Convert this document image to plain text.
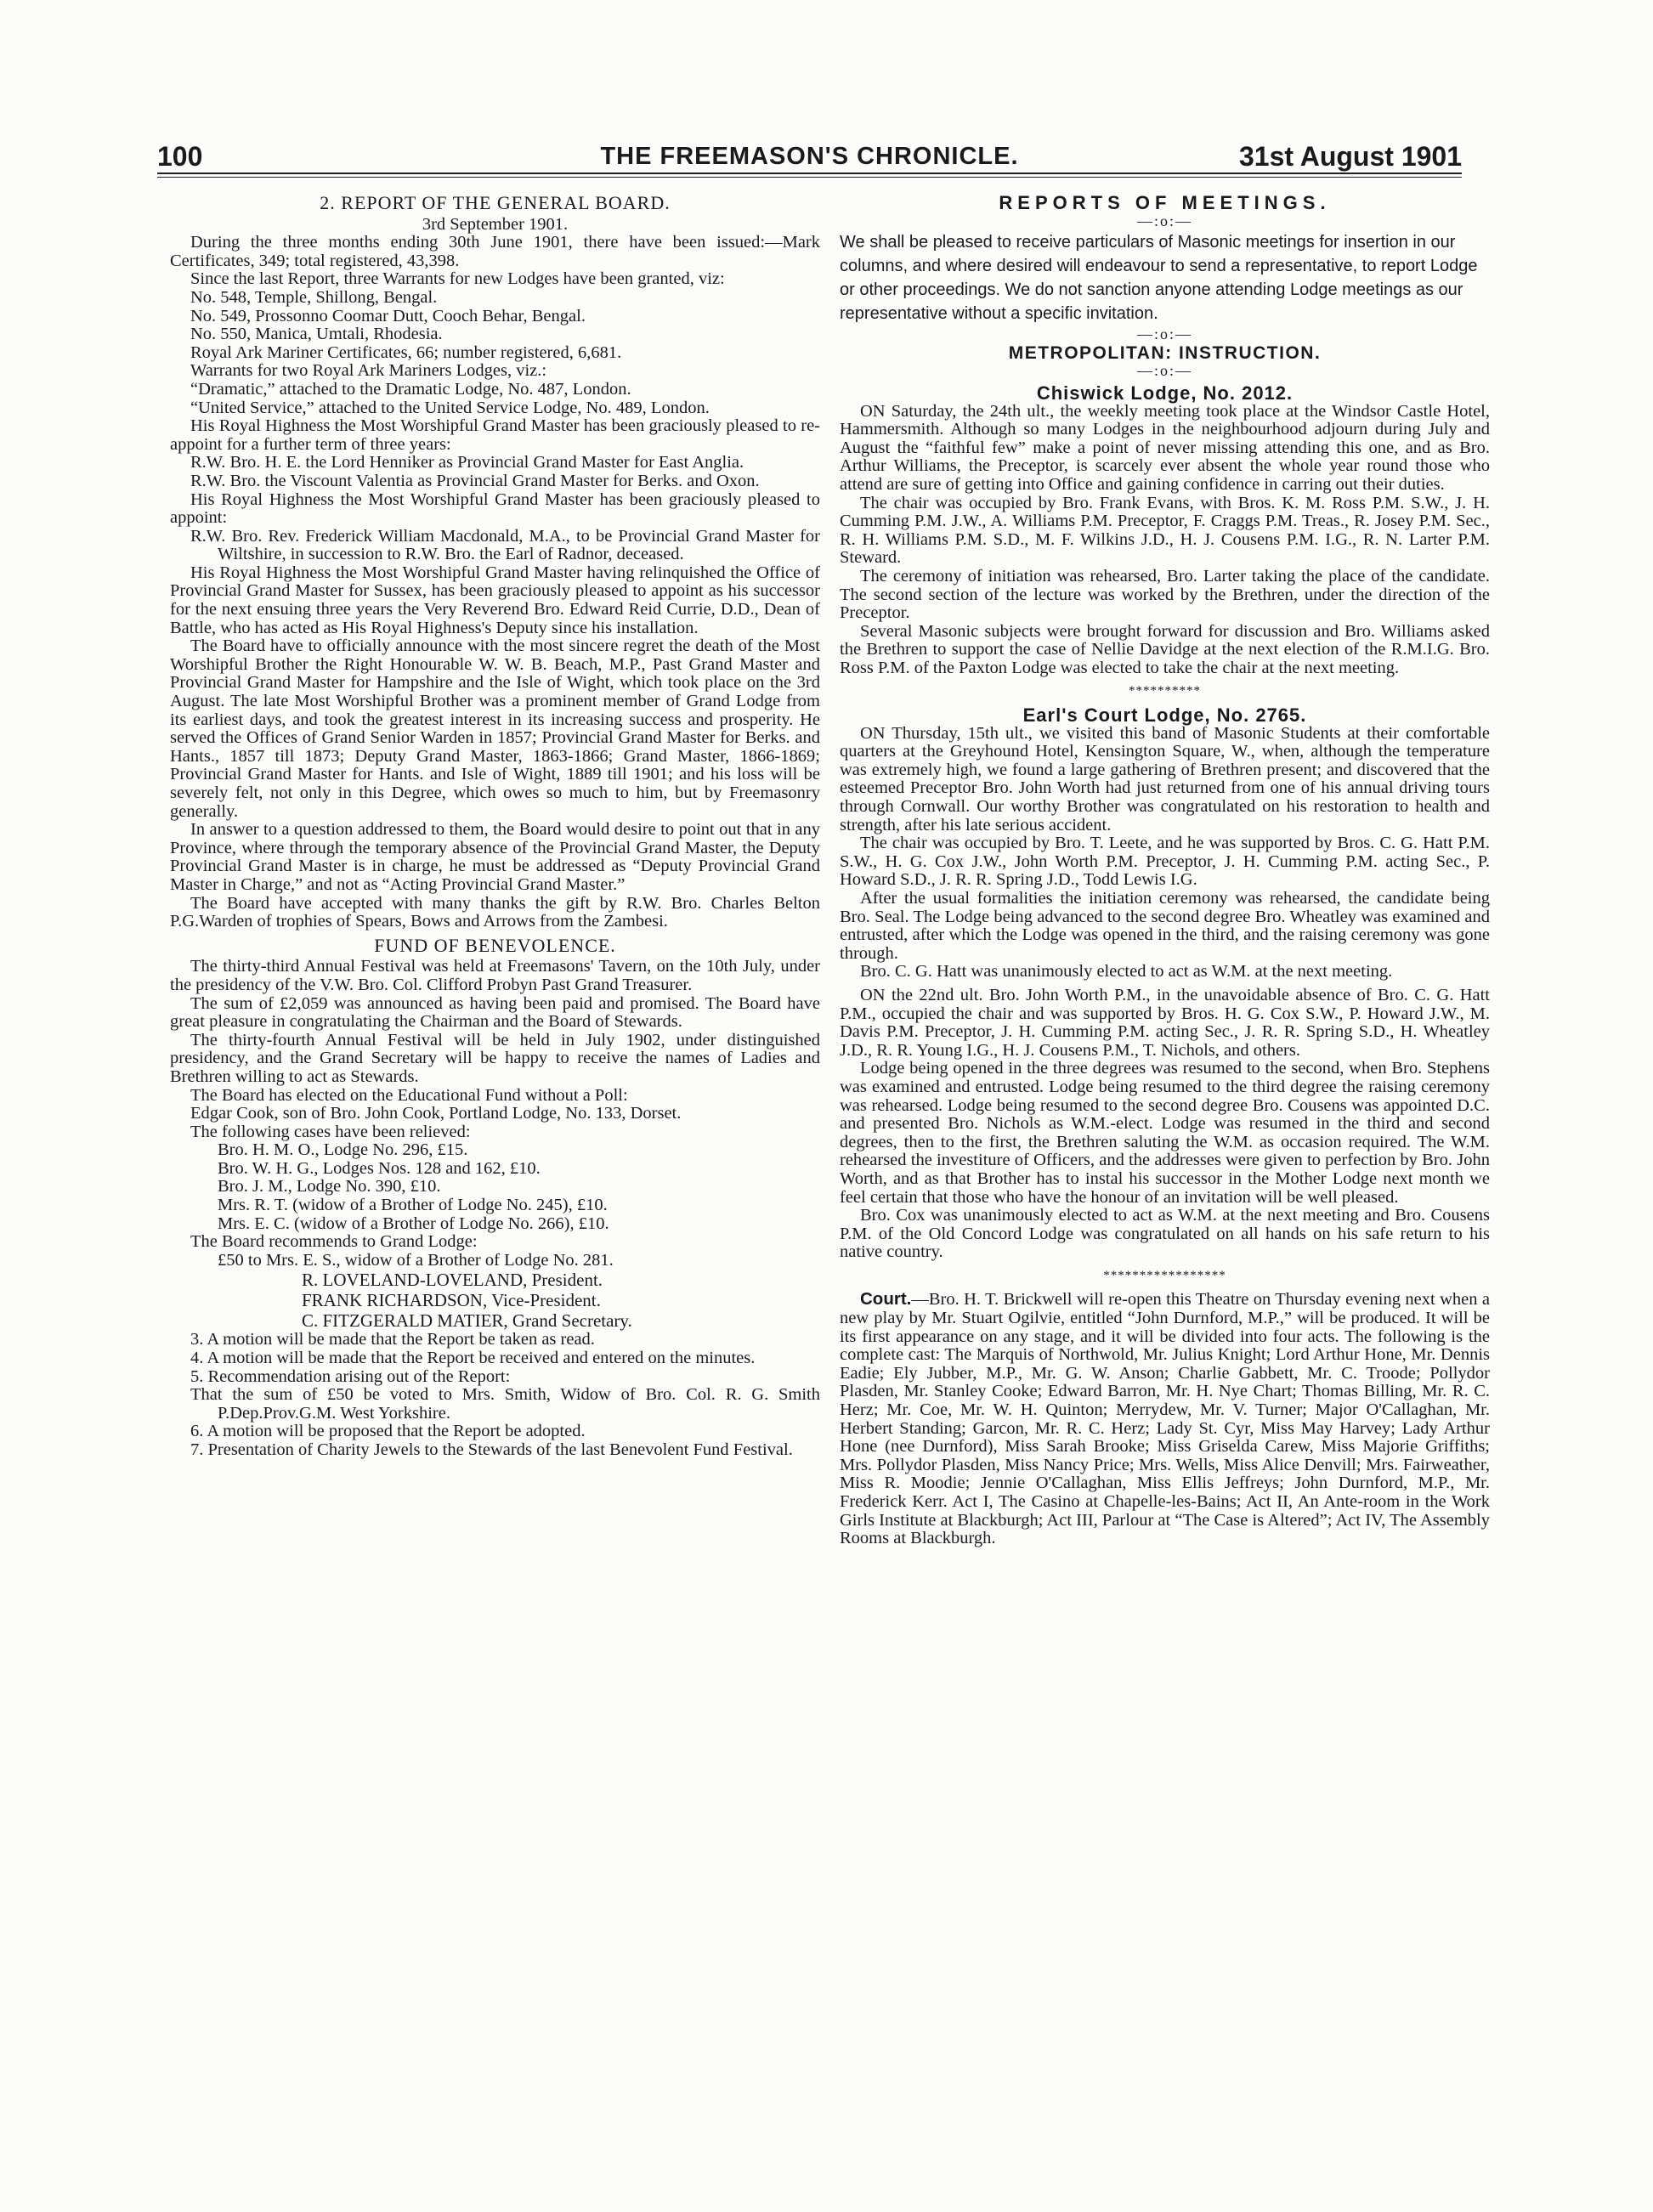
100	THE FREEMASON'S CHRONICLE.	31st August 1901

2. REPORT OF THE GENERAL BOARD.

3rd September 1901.

During the three months ending 30th June 1901, there have been issued:—Mark Certificates, 349; total registered, 43,398.

Since the last Report, three Warrants for new Lodges have been granted, viz:

No. 548, Temple, Shillong, Bengal.

No. 549, Prossonno Coomar Dutt, Cooch Behar, Bengal.

No. 550, Manica, Umtali, Rhodesia.

Royal Ark Mariner Certificates, 66; number registered, 6,681.

Warrants for two Royal Ark Mariners Lodges, viz.:

“Dramatic,” attached to the Dramatic Lodge, No. 487, London.

“United Service,” attached to the United Service Lodge, No. 489, London.

His Royal Highness the Most Worshipful Grand Master has been graciously pleased to re-appoint for a further term of three years:

R.W. Bro. H. E. the Lord Henniker as Provincial Grand Master for East Anglia.

R.W. Bro. the Viscount Valentia as Provincial Grand Master for Berks. and Oxon.

His Royal Highness the Most Worshipful Grand Master has been graciously pleased to appoint:

R.W. Bro. Rev. Frederick William Macdonald, M.A., to be Provincial Grand Master for Wiltshire, in succession to R.W. Bro. the Earl of Radnor, deceased.

His Royal Highness the Most Worshipful Grand Master having relinquished the Office of Provincial Grand Master for Sussex, has been graciously pleased to appoint as his successor for the next ensuing three years the Very Reverend Bro. Edward Reid Currie, D.D., Dean of Battle, who has acted as His Royal Highness's Deputy since his installation.

The Board have to officially announce with the most sincere regret the death of the Most Worshipful Brother the Right Honourable W. W. B. Beach, M.P., Past Grand Master and Provincial Grand Master for Hampshire and the Isle of Wight, which took place on the 3rd August. The late Most Worshipful Brother was a prominent member of Grand Lodge from its earliest days, and took the greatest interest in its increasing success and prosperity. He served the Offices of Grand Senior Warden in 1857; Provincial Grand Master for Berks. and Hants., 1857 till 1873; Deputy Grand Master, 1863-1866; Grand Master, 1866-1869; Provincial Grand Master for Hants. and Isle of Wight, 1889 till 1901; and his loss will be severely felt, not only in this Degree, which owes so much to him, but by Freemasonry generally.

In answer to a question addressed to them, the Board would desire to point out that in any Province, where through the temporary absence of the Provincial Grand Master, the Deputy Provincial Grand Master is in charge, he must be addressed as “Deputy Provincial Grand Master in Charge,” and not as “Acting Provincial Grand Master.”

The Board have accepted with many thanks the gift by R.W. Bro. Charles Belton P.G.Warden of trophies of Spears, Bows and Arrows from the Zambesi.

FUND OF BENEVOLENCE.

The thirty-third Annual Festival was held at Freemasons' Tavern, on the 10th July, under the presidency of the V.W. Bro. Col. Clifford Probyn Past Grand Treasurer.

The sum of £2,059 was announced as having been paid and promised. The Board have great pleasure in congratulating the Chairman and the Board of Stewards.

The thirty-fourth Annual Festival will be held in July 1902, under distinguished presidency, and the Grand Secretary will be happy to receive the names of Ladies and Brethren willing to act as Stewards.

The Board has elected on the Educational Fund without a Poll:

Edgar Cook, son of Bro. John Cook, Portland Lodge, No. 133, Dorset.

The following cases have been relieved:

Bro. H. M. O., Lodge No. 296, £15.

Bro. W. H. G., Lodges Nos. 128 and 162, £10.

Bro. J. M., Lodge No. 390, £10.

Mrs. R. T. (widow of a Brother of Lodge No. 245), £10.

Mrs. E. C. (widow of a Brother of Lodge No. 266), £10.

The Board recommends to Grand Lodge:

£50 to Mrs. E. S., widow of a Brother of Lodge No. 281.

R. LOVELAND-LOVELAND, President.

FRANK RICHARDSON, Vice-President.

C. FITZGERALD MATIER, Grand Secretary.

3. A motion will be made that the Report be taken as read.

4. A motion will be made that the Report be received and entered on the minutes.

5. Recommendation arising out of the Report:

That the sum of £50 be voted to Mrs. Smith, Widow of Bro. Col. R. G. Smith P.Dep.Prov.G.M. West Yorkshire.

6. A motion will be proposed that the Report be adopted.

7. Presentation of Charity Jewels to the Stewards of the last Benevolent Fund Festival.

REPORTS OF MEETINGS.

—:o:—

We shall be pleased to receive particulars of Masonic meetings for insertion in our columns, and where desired will endeavour to send a representative, to report Lodge or other proceedings. We do not sanction anyone attending Lodge meetings as our representative without a specific invitation.

—:o:—

METROPOLITAN: INSTRUCTION.

—:o:—

Chiswick Lodge, No. 2012.

ON Saturday, the 24th ult., the weekly meeting took place at the Windsor Castle Hotel, Hammersmith. Although so many Lodges in the neighbourhood adjourn during July and August the “faithful few” make a point of never missing attending this one, and as Bro. Arthur Williams, the Preceptor, is scarcely ever absent the whole year round those who attend are sure of getting into Office and gaining confidence in carring out their duties.

The chair was occupied by Bro. Frank Evans, with Bros. K. M. Ross P.M. S.W., J. H. Cumming P.M. J.W., A. Williams P.M. Preceptor, F. Craggs P.M. Treas., R. Josey P.M. Sec., R. H. Williams P.M. S.D., M. F. Wilkins J.D., H. J. Cousens P.M. I.G., R. N. Larter P.M. Steward.

The ceremony of initiation was rehearsed, Bro. Larter taking the place of the candidate. The second section of the lecture was worked by the Brethren, under the direction of the Preceptor.

Several Masonic subjects were brought forward for discussion and Bro. Williams asked the Brethren to support the case of Nellie Davidge at the next election of the R.M.I.G. Bro. Ross P.M. of the Paxton Lodge was elected to take the chair at the next meeting.

**********

Earl's Court Lodge, No. 2765.

ON Thursday, 15th ult., we visited this band of Masonic Students at their comfortable quarters at the Greyhound Hotel, Kensington Square, W., when, although the temperature was extremely high, we found a large gathering of Brethren present; and discovered that the esteemed Preceptor Bro. John Worth had just returned from one of his annual driving tours through Cornwall. Our worthy Brother was congratulated on his restoration to health and strength, after his late serious accident.

The chair was occupied by Bro. T. Leete, and he was supported by Bros. C. G. Hatt P.M. S.W., H. G. Cox J.W., John Worth P.M. Preceptor, J. H. Cumming P.M. acting Sec., P. Howard S.D., J. R. R. Spring J.D., Todd Lewis I.G.

After the usual formalities the initiation ceremony was rehearsed, the candidate being Bro. Seal. The Lodge being advanced to the second degree Bro. Wheatley was examined and entrusted, after which the Lodge was opened in the third, and the raising ceremony was gone through.

Bro. C. G. Hatt was unanimously elected to act as W.M. at the next meeting.

ON the 22nd ult. Bro. John Worth P.M., in the unavoidable absence of Bro. C. G. Hatt P.M., occupied the chair and was supported by Bros. H. G. Cox S.W., P. Howard J.W., M. Davis P.M. Preceptor, J. H. Cumming P.M. acting Sec., J. R. R. Spring S.D., H. Wheatley J.D., R. R. Young I.G., H. J. Cousens P.M., T. Nichols, and others.

Lodge being opened in the three degrees was resumed to the second, when Bro. Stephens was examined and entrusted. Lodge being resumed to the third degree the raising ceremony was rehearsed. Lodge being resumed to the second degree Bro. Cousens was appointed D.C. and presented Bro. Nichols as W.M.-elect. Lodge was resumed in the third and second degrees, then to the first, the Brethren saluting the W.M. as occasion required. The W.M. rehearsed the investiture of Officers, and the addresses were given to perfection by Bro. John Worth, and as that Brother has to instal his successor in the Mother Lodge next month we feel certain that those who have the honour of an invitation will be well pleased.

Bro. Cox was unanimously elected to act as W.M. at the next meeting and Bro. Cousens P.M. of the Old Concord Lodge was congratulated on all hands on his safe return to his native country.

*****************

Court.—Bro. H. T. Brickwell will re-open this Theatre on Thursday evening next when a new play by Mr. Stuart Ogilvie, entitled “John Durnford, M.P.,” will be produced. It will be its first appearance on any stage, and it will be divided into four acts. The following is the complete cast: The Marquis of Northwold, Mr. Julius Knight; Lord Arthur Hone, Mr. Dennis Eadie; Ely Jubber, M.P., Mr. G. W. Anson; Charlie Gabbett, Mr. C. Troode; Pollydor Plasden, Mr. Stanley Cooke; Edward Barron, Mr. H. Nye Chart; Thomas Billing, Mr. R. C. Herz; Mr. Coe, Mr. W. H. Quinton; Merrydew, Mr. V. Turner; Major O'Callaghan, Mr. Herbert Standing; Garcon, Mr. R. C. Herz; Lady St. Cyr, Miss May Harvey; Lady Arthur Hone (nee Durnford), Miss Sarah Brooke; Miss Griselda Carew, Miss Majorie Griffiths; Mrs. Pollydor Plasden, Miss Nancy Price; Mrs. Wells, Miss Alice Denvill; Mrs. Fairweather, Miss R. Moodie; Jennie O'Callaghan, Miss Ellis Jeffreys; John Durnford, M.P., Mr. Frederick Kerr. Act I, The Casino at Chapelle-les-Bains; Act II, An Ante-room in the Work Girls Institute at Blackburgh; Act III, Parlour at “The Case is Altered”; Act IV, The Assembly Rooms at Blackburgh.
